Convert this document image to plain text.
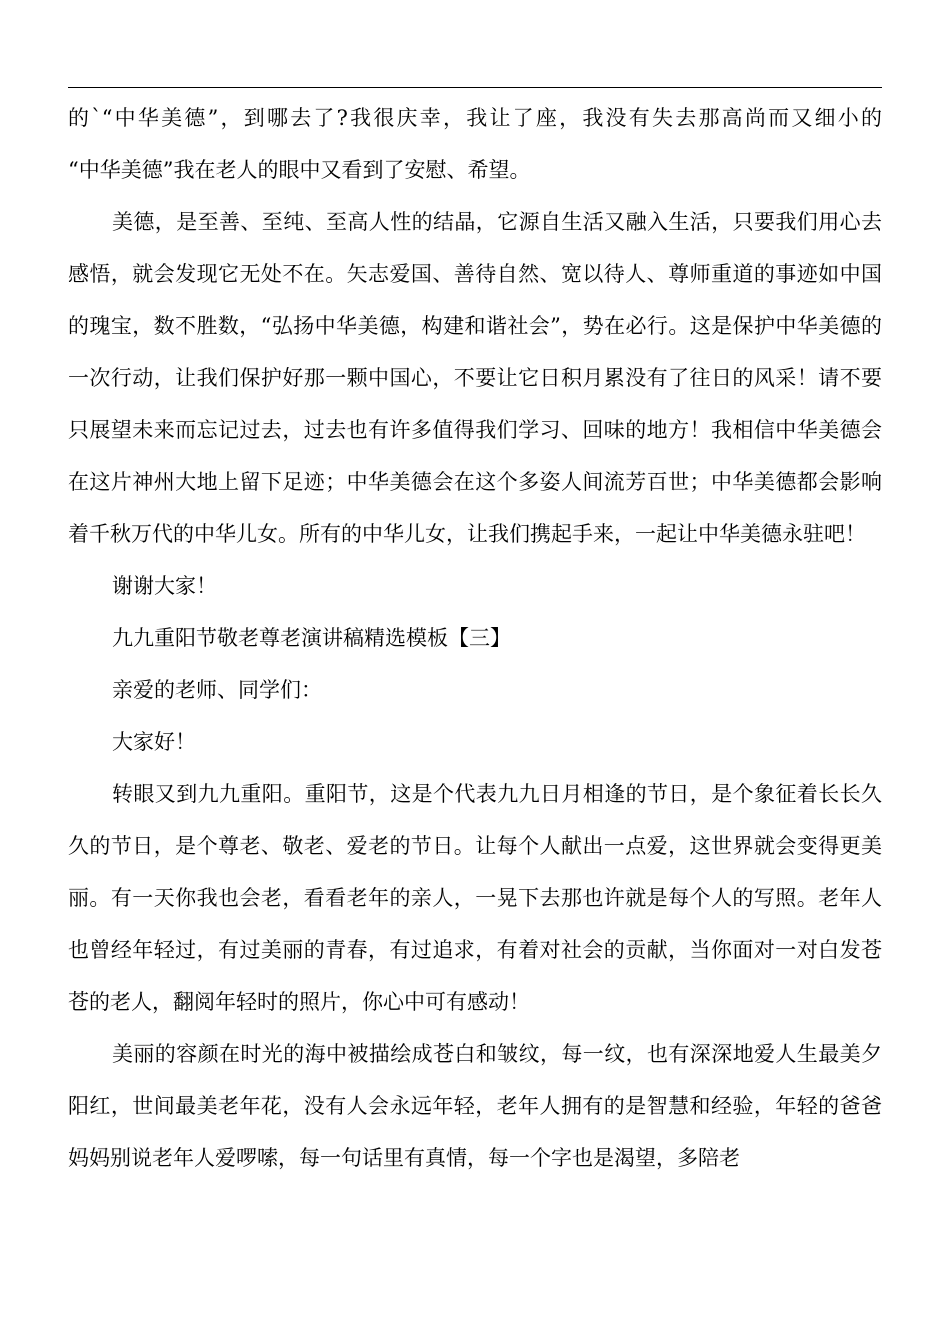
的`“中华美德”，到哪去了?我很庆幸，我让了座，我没有失去那高尚而又细小的

“中华美德”我在老人的眼中又看到了安慰、希望。

美德，是至善、至纯、至高人性的结晶，它源自生活又融入生活，只要我们用心去感悟，就会发现它无处不在。矢志爱国、善待自然、宽以待人、尊师重道的事迹如中国的瑰宝，数不胜数，“弘扬中华美德，构建和谐社会”，势在必行。这是保护中华美德的一次行动，让我们保护好那一颗中国心，不要让它日积月累没有了往日的风采！请不要只展望未来而忘记过去，过去也有许多值得我们学习、回味的地方！我相信中华美德会在这片神州大地上留下足迹；中华美德会在这个多姿人间流芳百世；中华美德都会影响着千秋万代的中华儿女。所有的中华儿女，让我们携起手来，一起让中华美德永驻吧！

谢谢大家！

九九重阳节敬老尊老演讲稿精选模板【三】

亲爱的老师、同学们：

大家好！

转眼又到九九重阳。重阳节，这是个代表九九日月相逢的节日，是个象征着长长久久的节日，是个尊老、敬老、爱老的节日。让每个人献出一点爱，这世界就会变得更美丽。有一天你我也会老，看看老年的亲人，一晃下去那也许就是每个人的写照。老年人也曾经年轻过，有过美丽的青春，有过追求，有着对社会的贡献，当你面对一对白发苍苍的老人，翻阅年轻时的照片，你心中可有感动！

美丽的容颜在时光的海中被描绘成苍白和皱纹，每一纹，也有深深地爱人生最美夕阳红，世间最美老年花，没有人会永远年轻，老年人拥有的是智慧和经验，年轻的爸爸妈妈别说老年人爱啰嗦，每一句话里有真情，每一个字也是渴望，多陪老
